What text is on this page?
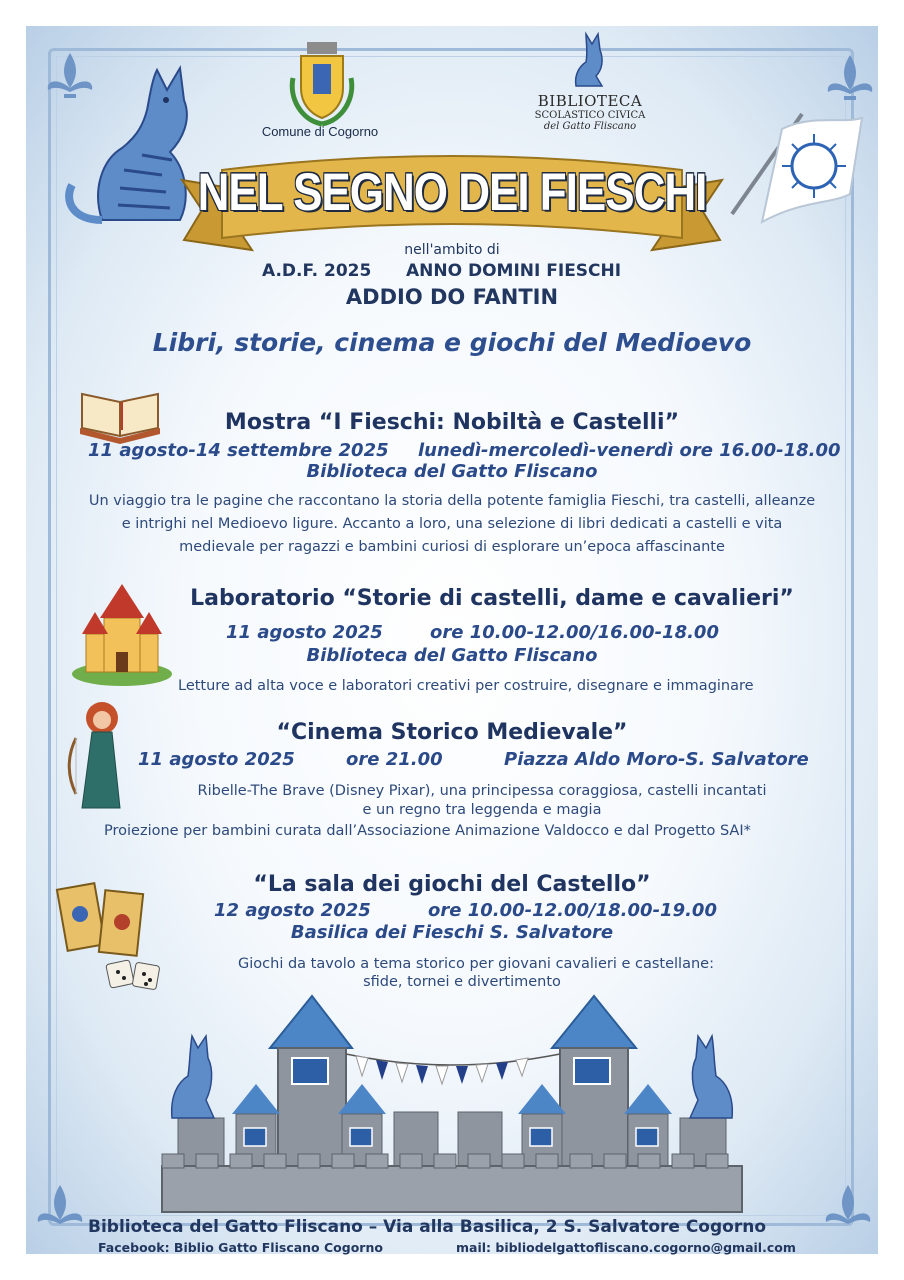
Comune di Cogorno
BIBLIOTECA
SCOLASTICO CIVICA
del Gatto Fliscano
NEL SEGNO DEI FIESCHI
nell'ambito di
A.D.F. 2025 ANNO DOMINI FIESCHI
ADDIO DO FANTIN
Libri, storie, cinema e giochi del Medioevo
Mostra “I Fieschi: Nobiltà e Castelli”
11 agosto-14 settembre 2025 lunedì-mercoledì-venerdì ore 16.00-18.00
Biblioteca del Gatto Fliscano
Un viaggio tra le pagine che raccontano la storia della potente famiglia Fieschi, tra castelli, alleanze
e intrighi nel Medioevo ligure. Accanto a loro, una selezione di libri dedicati a castelli e vita
medievale per ragazzi e bambini curiosi di esplorare un’epoca affascinante
Laboratorio “Storie di castelli, dame e cavalieri”
11 agosto 2025	ore 10.00-12.00/16.00-18.00
Biblioteca del Gatto Fliscano
Letture ad alta voce e laboratori creativi per costruire, disegnare e immaginare
“Cinema Storico Medievale”
11 agosto 2025	ore 21.00	Piazza Aldo Moro-S. Salvatore
Ribelle-The Brave (Disney Pixar), una principessa coraggiosa, castelli incantati
e un regno tra leggenda e magia
Proiezione per bambini curata dall’Associazione Animazione Valdocco e dal Progetto SAI*
“La sala dei giochi del Castello”
12 agosto 2025	ore 10.00-12.00/18.00-19.00
Basilica dei Fieschi S. Salvatore
Giochi da tavolo a tema storico per giovani cavalieri e castellane:
sfide, tornei e divertimento
Biblioteca del Gatto Fliscano – Via alla Basilica, 2 S. Salvatore Cogorno
Facebook: Biblio Gatto Fliscano Cogorno	mail: bibliodelgattofliscano.cogorno@gmail.com
